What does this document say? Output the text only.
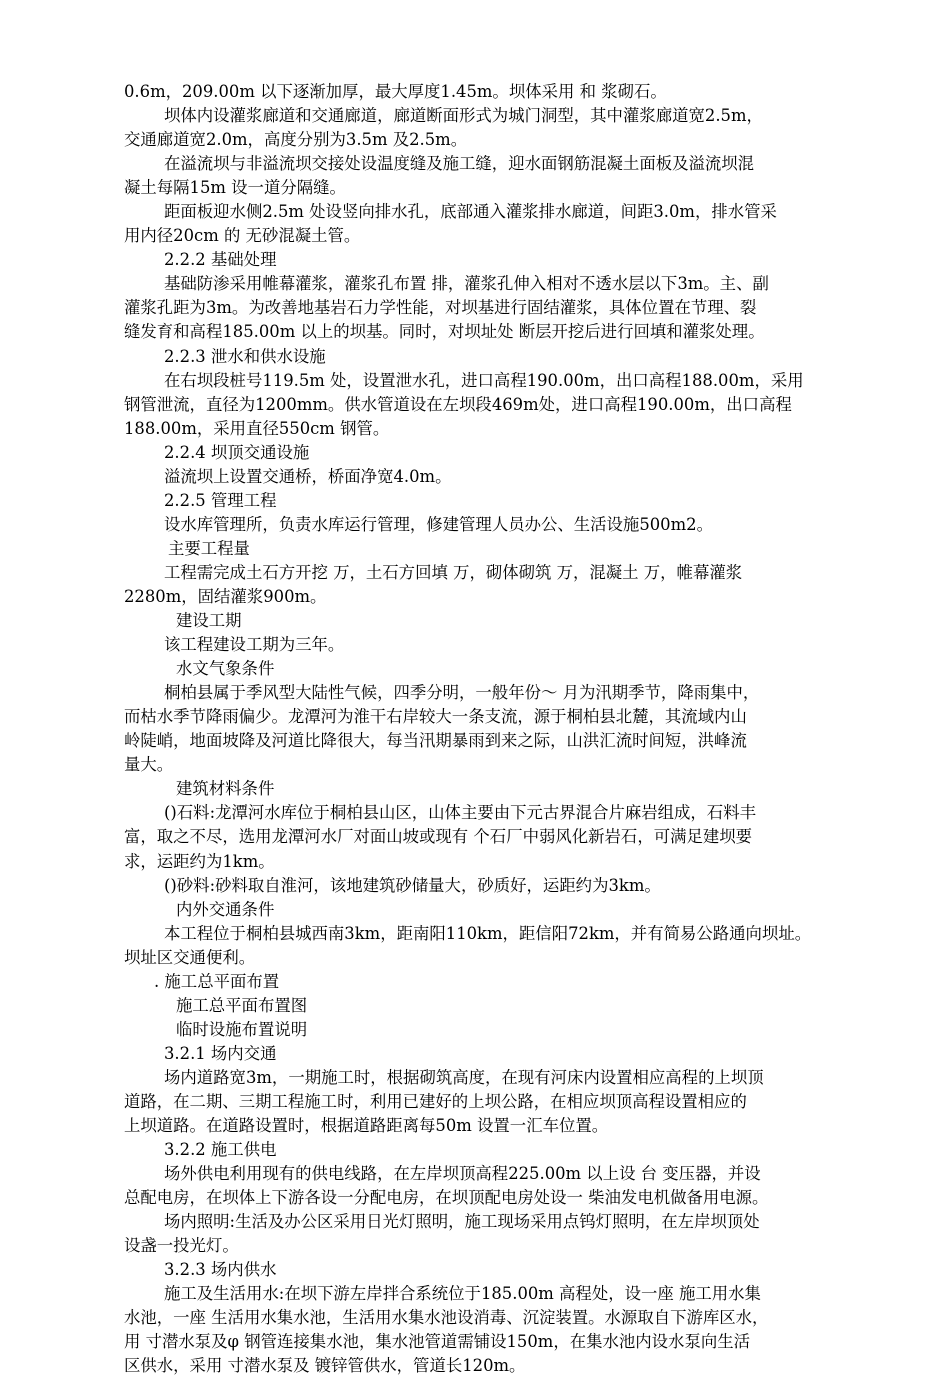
0.6m，209.00m 以下逐渐加厚，最大厚度1.45m。坝体采用 和 浆砌石。
坝体内设灌浆廊道和交通廊道，廊道断面形式为城门洞型，其中灌浆廊道宽2.5m，
交通廊道宽2.0m，高度分别为3.5m 及2.5m。
在溢流坝与非溢流坝交接处设温度缝及施工缝，迎水面钢筋混凝土面板及溢流坝混
凝土每隔15m 设一道分隔缝。
距面板迎水侧2.5m 处设竖向排水孔，底部通入灌浆排水廊道，间距3.0m，排水管采
用内径20cm 的 无砂混凝土管。
2.2.2 基础处理
基础防渗采用帷幕灌浆，灌浆孔布置 排，灌浆孔伸入相对不透水层以下3m。主、副
灌浆孔距为3m。为改善地基岩石力学性能，对坝基进行固结灌浆，具体位置在节理、裂
缝发育和高程185.00m 以上的坝基。同时，对坝址处 断层开挖后进行回填和灌浆处理。
2.2.3 泄水和供水设施
在右坝段桩号119.5m 处，设置泄水孔，进口高程190.00m，出口高程188.00m，采用
钢管泄流，直径为1200mm。供水管道设在左坝段469m处，进口高程190.00m，出口高程
188.00m，采用直径550cm 钢管。
2.2.4 坝顶交通设施
溢流坝上设置交通桥，桥面净宽4.0m。
2.2.5 管理工程
设水库管理所，负责水库运行管理，修建管理人员办公、生活设施500m2。
主要工程量
工程需完成土石方开挖 万，土石方回填 万，砌体砌筑 万，混凝土 万，帷幕灌浆
2280m，固结灌浆900m。
建设工期
该工程建设工期为三年。
水文气象条件
桐柏县属于季风型大陆性气候，四季分明，一般年份～ 月为汛期季节，降雨集中，
而枯水季节降雨偏少。龙潭河为淮干右岸较大一条支流，源于桐柏县北麓，其流域内山
岭陡峭，地面坡降及河道比降很大，每当汛期暴雨到来之际，山洪汇流时间短，洪峰流
量大。
建筑材料条件
()石料:龙潭河水库位于桐柏县山区，山体主要由下元古界混合片麻岩组成，石料丰
富，取之不尽，选用龙潭河水厂对面山坡或现有 个石厂中弱风化新岩石，可满足建坝要
求，运距约为1km。
()砂料:砂料取自淮河，该地建筑砂储量大，砂质好，运距约为3km。
内外交通条件
本工程位于桐柏县城西南3km，距南阳110km，距信阳72km，并有简易公路通向坝址。
坝址区交通便利。
. 施工总平面布置
施工总平面布置图
临时设施布置说明
3.2.1 场内交通
场内道路宽3m，一期施工时，根据砌筑高度，在现有河床内设置相应高程的上坝顶
道路，在二期、三期工程施工时，利用已建好的上坝公路，在相应坝顶高程设置相应的
上坝道路。在道路设置时，根据道路距离每50m 设置一汇车位置。
3.2.2 施工供电
场外供电利用现有的供电线路，在左岸坝顶高程225.00m 以上设 台 变压器，并设
总配电房，在坝体上下游各设一分配电房，在坝顶配电房处设一 柴油发电机做备用电源。
场内照明:生活及办公区采用日光灯照明，施工现场采用点钨灯照明，在左岸坝顶处
设盏一投光灯。
3.2.3 场内供水
施工及生活用水:在坝下游左岸拌合系统位于185.00m 高程处，设一座 施工用水集
水池，一座 生活用水集水池，生活用水集水池设消毒、沉淀装置。水源取自下游库区水，
用 寸潜水泵及φ 钢管连接集水池，集水池管道需铺设150m，在集水池内设水泵向生活
区供水，采用 寸潜水泵及 镀锌管供水，管道长120m。
